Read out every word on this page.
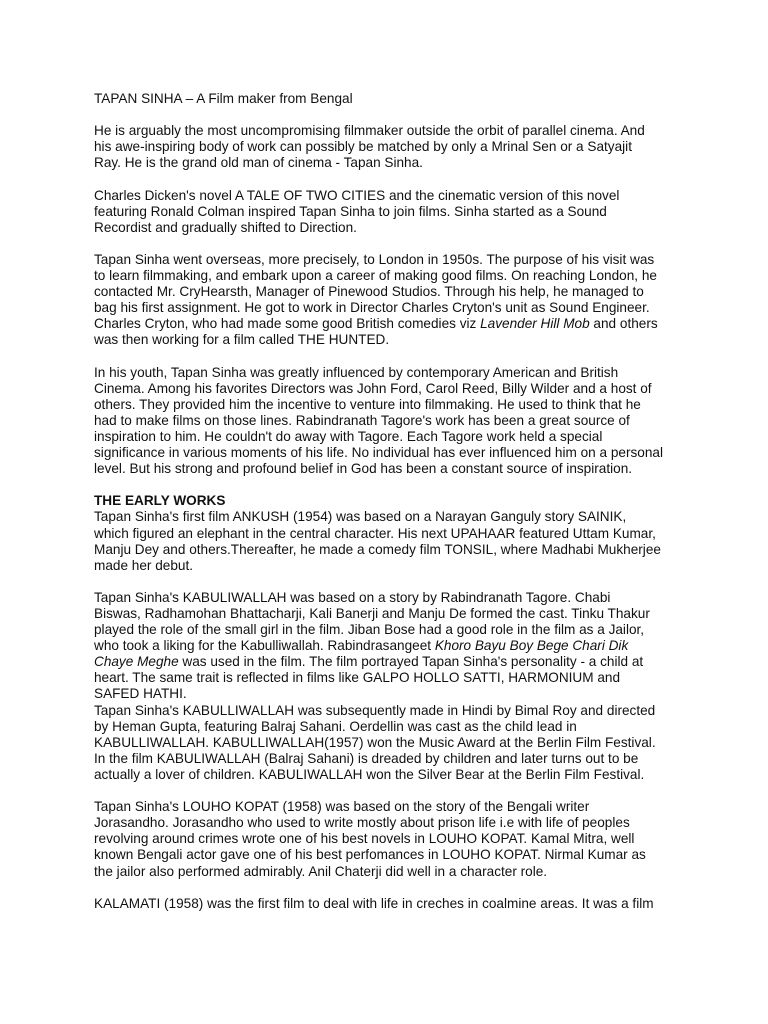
TAPAN SINHA – A Film maker from Bengal

He is arguably the most uncompromising filmmaker outside the orbit of parallel cinema. And
his awe-inspiring body of work can possibly be matched by only a Mrinal Sen or a Satyajit
Ray. He is the grand old man of cinema - Tapan Sinha.

Charles Dicken's novel A TALE OF TWO CITIES and the cinematic version of this novel
featuring Ronald Colman inspired Tapan Sinha to join films. Sinha started as a Sound
Recordist and gradually shifted to Direction.

Tapan Sinha went overseas, more precisely, to London in 1950s. The purpose of his visit was
to learn filmmaking, and embark upon a career of making good films. On reaching London, he
contacted Mr. CryHearsth, Manager of Pinewood Studios. Through his help, he managed to
bag his first assignment. He got to work in Director Charles Cryton's unit as Sound Engineer.
Charles Cryton, who had made some good British comedies viz Lavender Hill Mob and others
was then working for a film called THE HUNTED.

In his youth, Tapan Sinha was greatly influenced by contemporary American and British
Cinema. Among his favorites Directors was John Ford, Carol Reed, Billy Wilder and a host of
others. They provided him the incentive to venture into filmmaking. He used to think that he
had to make films on those lines. Rabindranath Tagore's work has been a great source of
inspiration to him. He couldn't do away with Tagore. Each Tagore work held a special
significance in various moments of his life. No individual has ever influenced him on a personal
level. But his strong and profound belief in God has been a constant source of inspiration.

THE EARLY WORKS

Tapan Sinha's first film ANKUSH (1954) was based on a Narayan Ganguly story SAINIK,
which figured an elephant in the central character. His next UPAHAAR featured Uttam Kumar,
Manju Dey and others.Thereafter, he made a comedy film TONSIL, where Madhabi Mukherjee
made her debut.

Tapan Sinha's KABULIWALLAH was based on a story by Rabindranath Tagore. Chabi
Biswas, Radhamohan Bhattacharji, Kali Banerji and Manju De formed the cast. Tinku Thakur
played the role of the small girl in the film. Jiban Bose had a good role in the film as a Jailor,
who took a liking for the Kabulliwallah. Rabindrasangeet Khoro Bayu Boy Bege Chari Dik
Chaye Meghe was used in the film. The film portrayed Tapan Sinha's personality - a child at
heart. The same trait is reflected in films like GALPO HOLLO SATTI, HARMONIUM and
SAFED HATHI.

Tapan Sinha's KABULLIWALLAH was subsequently made in Hindi by Bimal Roy and directed
by Heman Gupta, featuring Balraj Sahani. Oerdellin was cast as the child lead in
KABULLIWALLAH. KABULLIWALLAH(1957) won the Music Award at the Berlin Film Festival.
In the film KABULIWALLAH (Balraj Sahani) is dreaded by children and later turns out to be
actually a lover of children. KABULIWALLAH won the Silver Bear at the Berlin Film Festival.

Tapan Sinha's LOUHO KOPAT (1958) was based on the story of the Bengali writer
Jorasandho. Jorasandho who used to write mostly about prison life i.e with life of peoples
revolving around crimes wrote one of his best novels in LOUHO KOPAT. Kamal Mitra, well
known Bengali actor gave one of his best perfomances in LOUHO KOPAT. Nirmal Kumar as
the jailor also performed admirably. Anil Chaterji did well in a character role.

KALAMATI (1958) was the first film to deal with life in creches in coalmine areas. It was a film
